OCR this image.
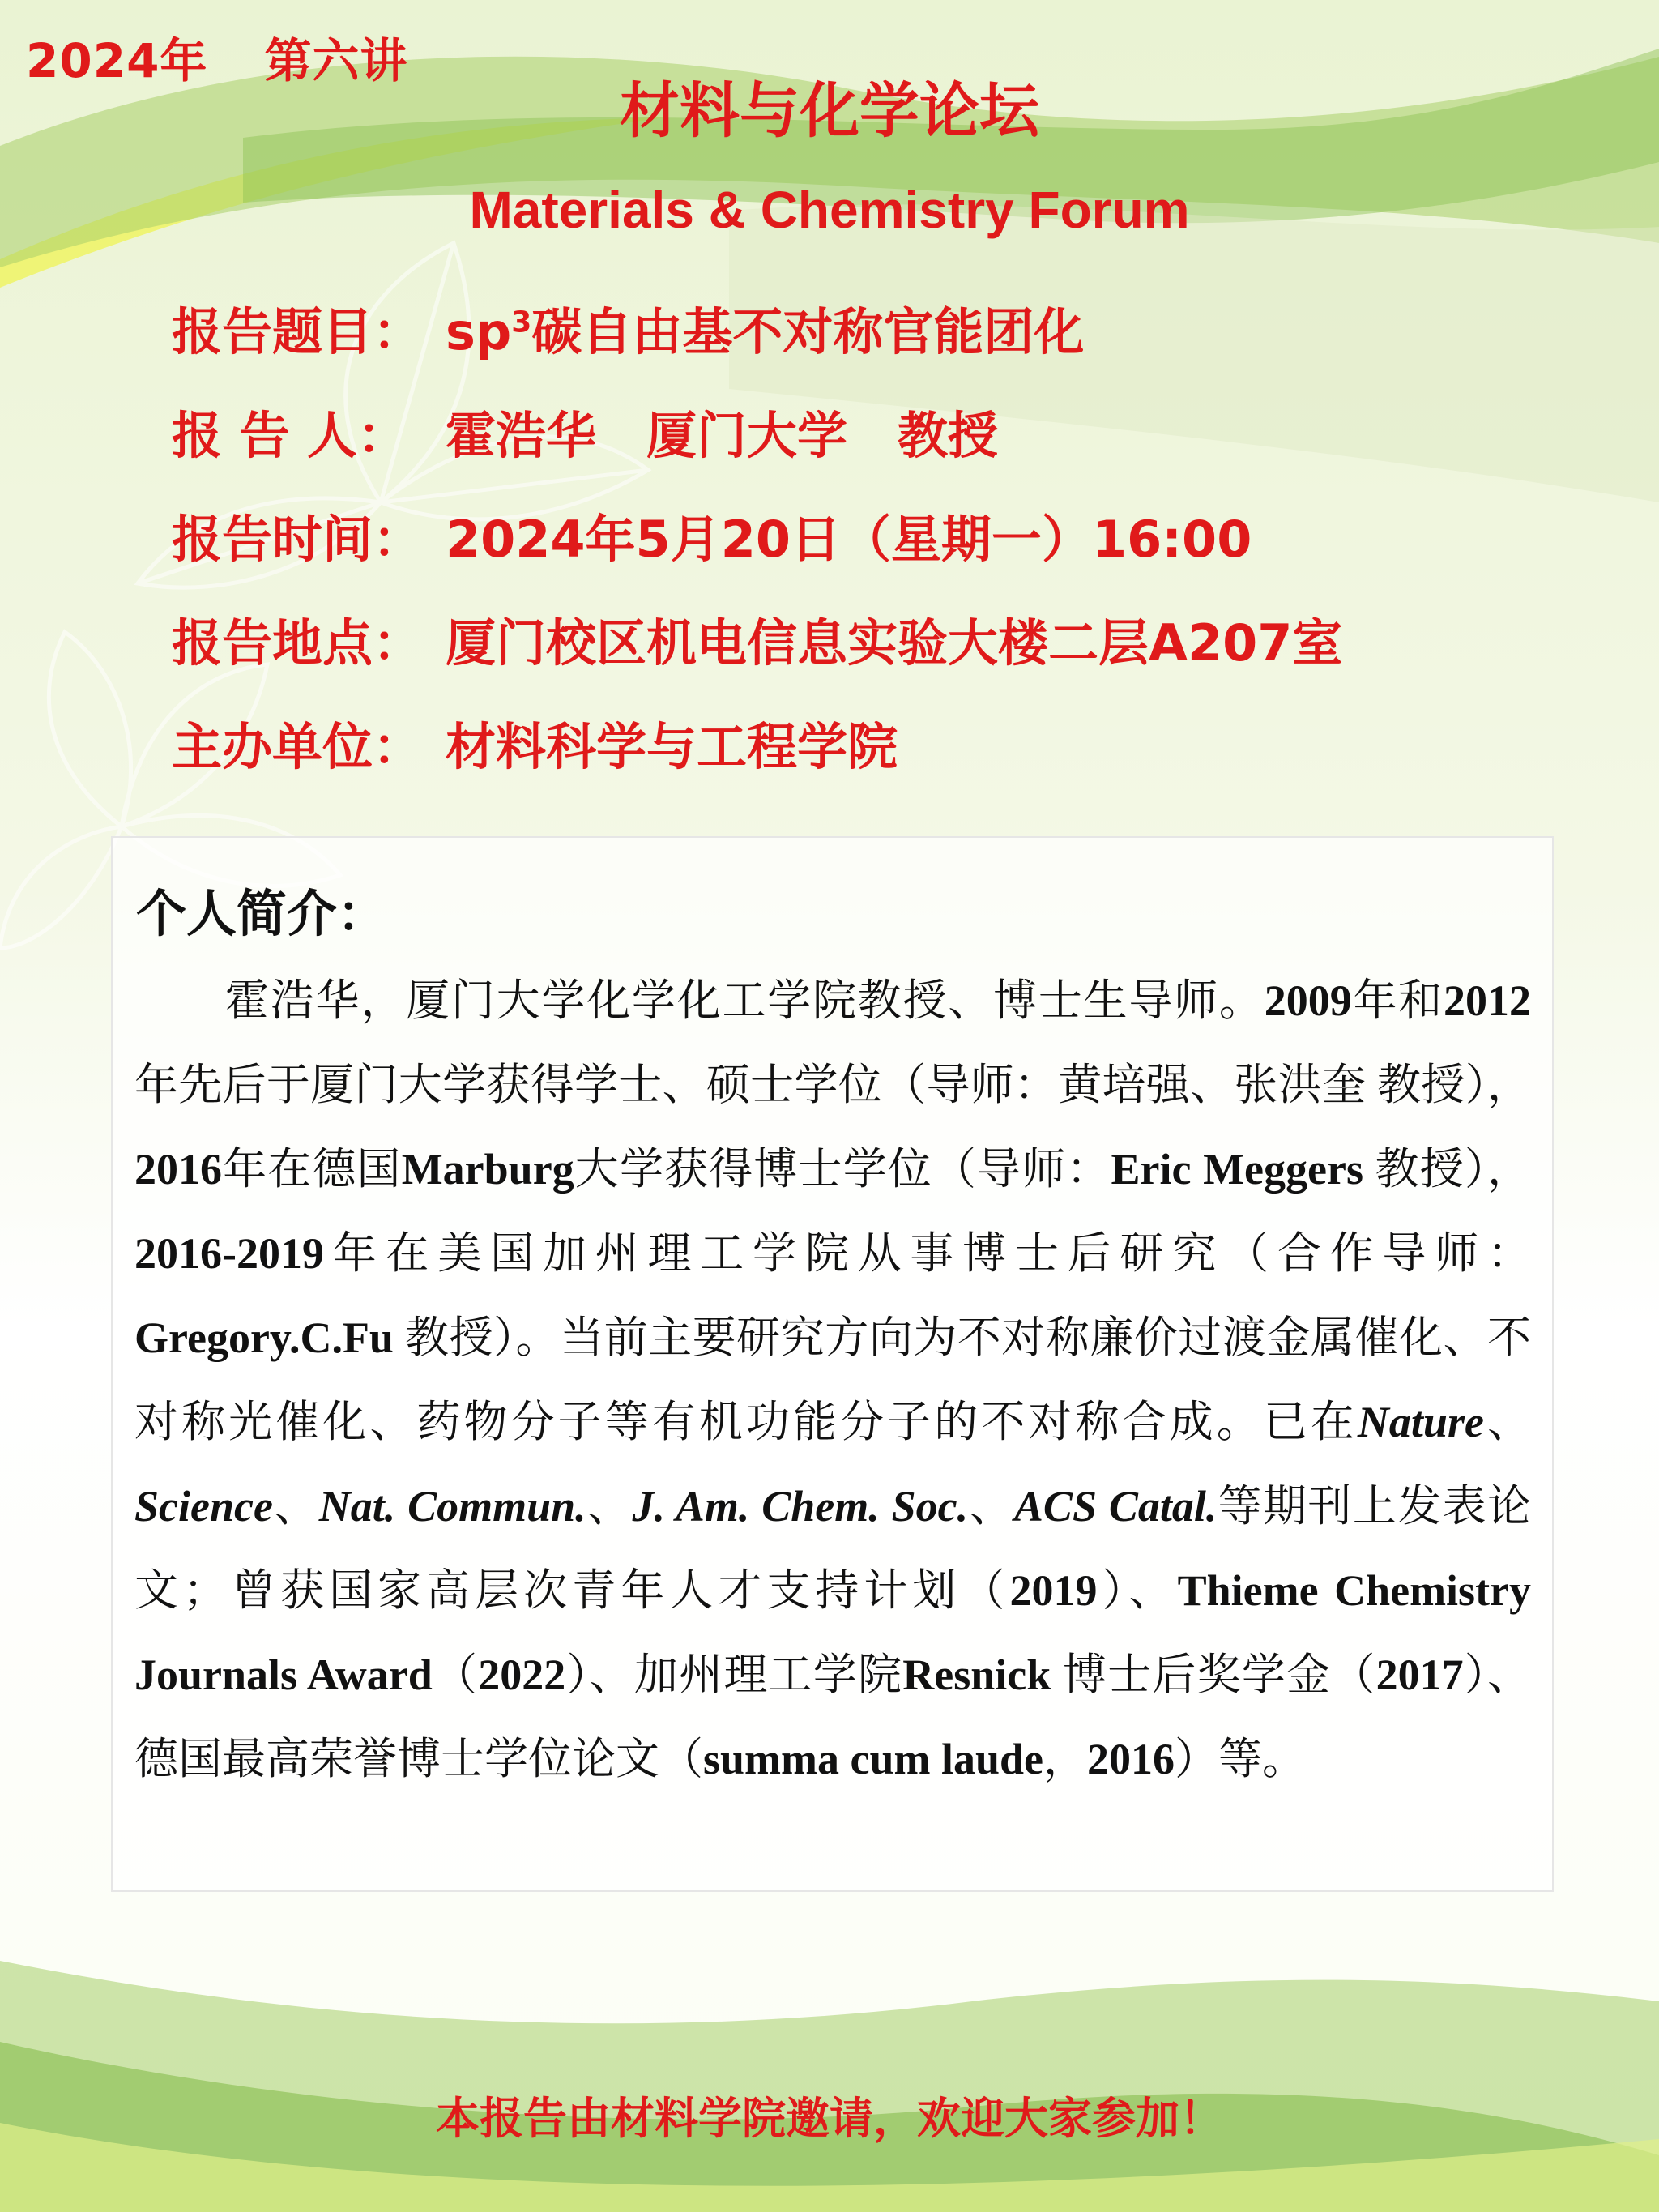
2024年 第六讲
材料与化学论坛
Materials & Chemistry Forum
报告题目： $sp^3$碳自由基不对称官能团化
报 告 人： 霍浩华　厦门大学　教授
报告时间： 2024年5月20日（星期一）16:00
报告地点： 厦门校区机电信息实验大楼二层A207室
主办单位： 材料科学与工程学院
个人简介：

霍浩华，厦门大学化学化工学院教授、博士生导师。2009年和2012年先后于厦门大学获得学士、硕士学位（导师：黄培强、张洪奎 教授），2016年在德国Marburg大学获得博士学位（导师：Eric Meggers 教授），2016-2019年在美国加州理工学院从事博士后研究（合作导师：Gregory.C.Fu 教授）。当前主要研究方向为不对称廉价过渡金属催化、不对称光催化、药物分子等有机功能分子的不对称合成。已在Nature、Science、Nat. Commun.、J. Am. Chem. Soc.、ACS Catal.等期刊上发表论文；曾获国家高层次青年人才支持计划（2019）、Thieme Chemistry Journals Award（2022）、加州理工学院Resnick 博士后奖学金（2017）、德国最高荣誉博士学位论文（summa cum laude，2016）等。

本报告由材料学院邀请，欢迎大家参加！
